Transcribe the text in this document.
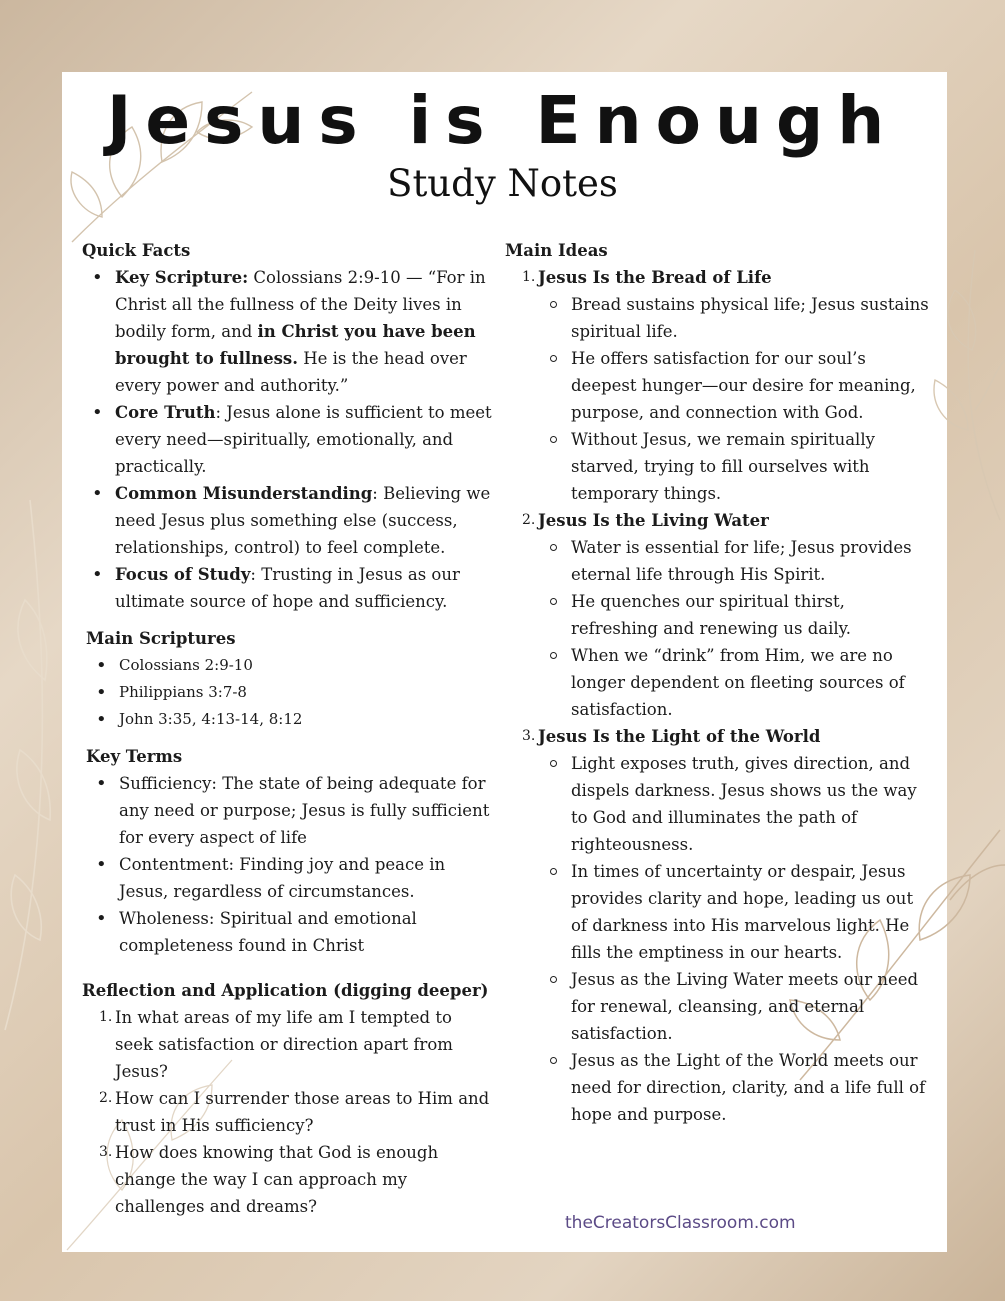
Jesus is Enough
Study Notes
Quick Facts
• Key Scripture: Colossians 2:9-10 — “For in Christ all the fullness of the Deity lives in bodily form, and in Christ you have been brought to fullness. He is the head over every power and authority.”
• Core Truth: Jesus alone is sufficient to meet every need—spiritually, emotionally, and practically.
• Common Misunderstanding: Believing we need Jesus plus something else (success, relationships, control) to feel complete.
• Focus of Study: Trusting in Jesus as our ultimate source of hope and sufficiency.
Main Scriptures
• Colossians 2:9-10
• Philippians 3:7-8
• John 3:35, 4:13-14, 8:12
Key Terms
• Sufficiency: The state of being adequate for any need or purpose; Jesus is fully sufficient for every aspect of life
• Contentment: Finding joy and peace in Jesus, regardless of circumstances.
• Wholeness: Spiritual and emotional completeness found in Christ
Reflection and Application (digging deeper)
1. In what areas of my life am I tempted to seek satisfaction or direction apart from Jesus?
2. How can I surrender those areas to Him and trust in His sufficiency?
3. How does knowing that God is enough change the way I can approach my challenges and dreams?
Main Ideas
1. Jesus Is the Bread of Life
Bread sustains physical life; Jesus sustains spiritual life.
He offers satisfaction for our soul’s deepest hunger—our desire for meaning, purpose, and connection with God.
Without Jesus, we remain spiritually starved, trying to fill ourselves with temporary things.
2. Jesus Is the Living Water
Water is essential for life; Jesus provides eternal life through His Spirit.
He quenches our spiritual thirst, refreshing and renewing us daily.
When we “drink” from Him, we are no longer dependent on fleeting sources of satisfaction.
3. Jesus Is the Light of the World
Light exposes truth, gives direction, and dispels darkness. Jesus shows us the way to God and illuminates the path of righteousness.
In times of uncertainty or despair, Jesus provides clarity and hope, leading us out of darkness into His marvelous light. He fills the emptiness in our hearts.
Jesus as the Living Water meets our need for renewal, cleansing, and eternal satisfaction.
Jesus as the Light of the World meets our need for direction, clarity, and a life full of hope and purpose.
theCreatorsClassroom.com
